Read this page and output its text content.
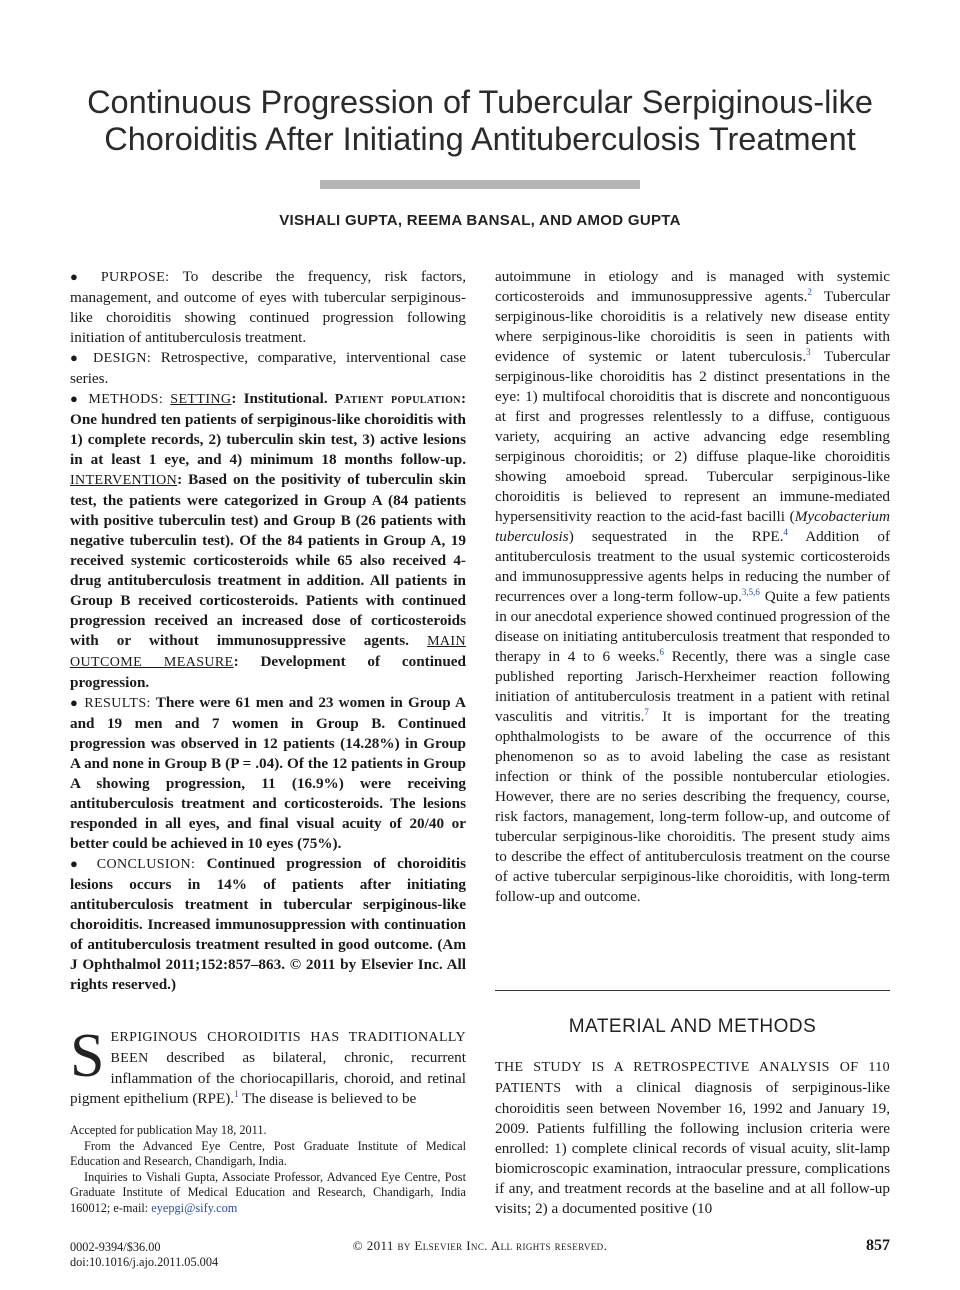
Continuous Progression of Tubercular Serpiginous-like
Choroiditis After Initiating Antituberculosis Treatment
VISHALI GUPTA, REEMA BANSAL, AND AMOD GUPTA

● PURPOSE: To describe the frequency, risk factors, management, and outcome of eyes with tubercular serpiginous-like choroiditis showing continued progression following initiation of antituberculosis treatment.

● DESIGN: Retrospective, comparative, interventional case series.

● METHODS: SETTING: Institutional. Patient population: One hundred ten patients of serpiginous-like choroiditis with 1) complete records, 2) tuberculin skin test, 3) active lesions in at least 1 eye, and 4) minimum 18 months follow-up. INTERVENTION: Based on the positivity of tuberculin skin test, the patients were categorized in Group A (84 patients with positive tuberculin test) and Group B (26 patients with negative tuberculin test). Of the 84 patients in Group A, 19 received systemic corticosteroids while 65 also received 4-drug antituberculosis treatment in addition. All patients in Group B received corticosteroids. Patients with continued progression received an increased dose of corticosteroids with or without immunosuppressive agents. MAIN OUTCOME MEASURE: Development of continued progression.

● RESULTS: There were 61 men and 23 women in Group A and 19 men and 7 women in Group B. Continued progression was observed in 12 patients (14.28%) in Group A and none in Group B (P = .04). Of the 12 patients in Group A showing progression, 11 (16.9%) were receiving antituberculosis treatment and corticosteroids. The lesions responded in all eyes, and final visual acuity of 20/40 or better could be achieved in 10 eyes (75%).

● CONCLUSION: Continued progression of choroiditis lesions occurs in 14% of patients after initiating antituberculosis treatment in tubercular serpiginous-like choroiditis. Increased immunosuppression with continuation of antituberculosis treatment resulted in good outcome. (Am J Ophthalmol 2011;152:857–863. © 2011 by Elsevier Inc. All rights reserved.)

S ERPIGINOUS CHOROIDITIS HAS TRADITIONALLY BEEN described as bilateral, chronic, recurrent inflammation of the choriocapillaris, choroid, and retinal pigment epithelium (RPE).$^1$ The disease is believed to be

Accepted for publication May 18, 2011.

From the Advanced Eye Centre, Post Graduate Institute of Medical Education and Research, Chandigarh, India.

Inquiries to Vishali Gupta, Associate Professor, Advanced Eye Centre, Post Graduate Institute of Medical Education and Research, Chandigarh, India 160012; e-mail: eyepgi@sify.com

autoimmune in etiology and is managed with systemic corticosteroids and immunosuppressive agents.$^2$ Tubercular serpiginous-like choroiditis is a relatively new disease entity where serpiginous-like choroiditis is seen in patients with evidence of systemic or latent tuberculosis.$^3$ Tubercular serpiginous-like choroiditis has 2 distinct presentations in the eye: 1) multifocal choroiditis that is discrete and noncontiguous at first and progresses relentlessly to a diffuse, contiguous variety, acquiring an active advancing edge resembling serpiginous choroiditis; or 2) diffuse plaque-like choroiditis showing amoeboid spread. Tubercular serpiginous-like choroiditis is believed to represent an immune-mediated hypersensitivity reaction to the acid-fast bacilli (Mycobacterium tuberculosis) sequestrated in the RPE.$^4$ Addition of antituberculosis treatment to the usual systemic corticosteroids and immunosuppressive agents helps in reducing the number of recurrences over a long-term follow-up.$^{3,5,6}$ Quite a few patients in our anecdotal experience showed continued progression of the disease on initiating antituberculosis treatment that responded to therapy in 4 to 6 weeks.$^6$ Recently, there was a single case published reporting Jarisch-Herxheimer reaction following initiation of antituberculosis treatment in a patient with retinal vasculitis and vitritis.$^7$ It is important for the treating ophthalmologists to be aware of the occurrence of this phenomenon so as to avoid labeling the case as resistant infection or think of the possible nontubercular etiologies. However, there are no series describing the frequency, course, risk factors, management, long-term follow-up, and outcome of tubercular serpiginous-like choroiditis. The present study aims to describe the effect of antituberculosis treatment on the course of active tubercular serpiginous-like choroiditis, with long-term follow-up and outcome.

MATERIAL AND METHODS

THE STUDY IS A RETROSPECTIVE ANALYSIS OF 110 PATIENTS with a clinical diagnosis of serpiginous-like choroiditis seen between November 16, 1992 and January 19, 2009. Patients fulfilling the following inclusion criteria were enrolled: 1) complete clinical records of visual acuity, slit-lamp biomicroscopic examination, intraocular pressure, complications if any, and treatment records at the baseline and at all follow-up visits; 2) a documented positive (10

0002-9394/$36.00
doi:10.1016/j.ajo.2011.05.004
© 2011 by Elsevier Inc. All rights reserved.	857
